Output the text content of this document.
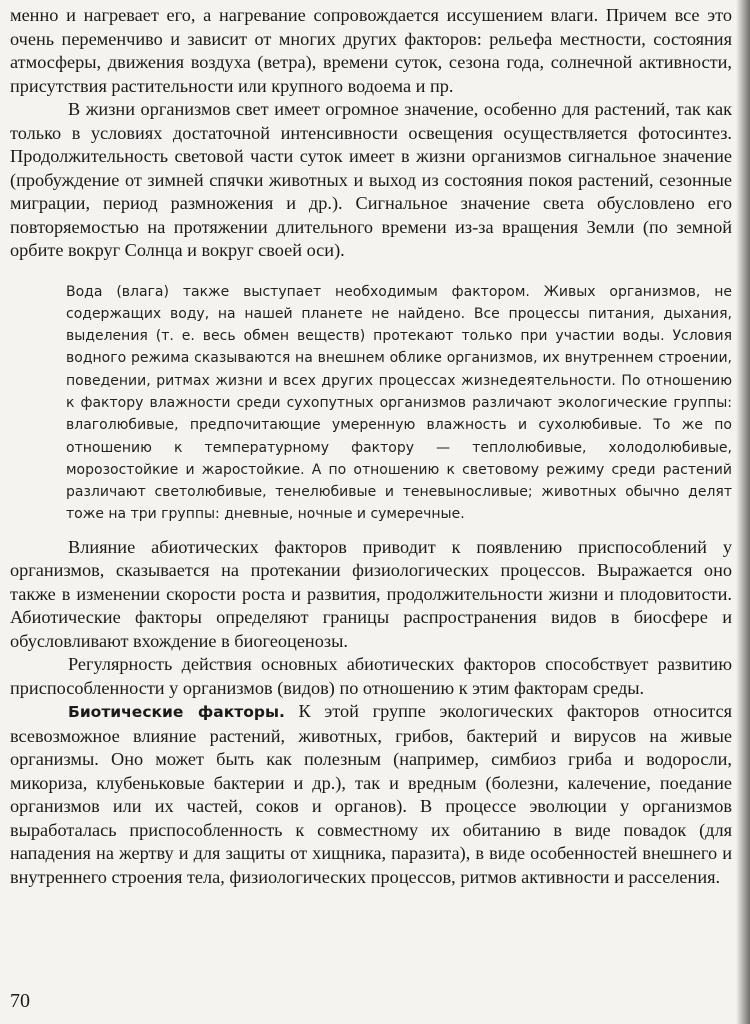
менно и нагревает его, а нагревание сопровождается иссушением влаги. Причем все это очень переменчиво и зависит от многих других факторов: рельефа местности, состояния атмосферы, движения воздуха (ветра), времени суток, сезона года, солнечной активности, присутствия растительности или крупного водоема и пр.

В жизни организмов свет имеет огромное значение, особенно для растений, так как только в условиях достаточной интенсивности освещения осуществляется фотосинтез. Продолжительность световой части суток имеет в жизни организмов сигнальное значение (пробуждение от зимней спячки животных и выход из состояния покоя растений, сезонные миграции, период размножения и др.). Сигнальное значение света обусловлено его повторяемостью на протяжении длительного времени из-за вращения Земли (по земной орбите вокруг Солнца и вокруг своей оси).

Вода (влага) также выступает необходимым фактором. Живых организмов, не содержащих воду, на нашей планете не найдено. Все процессы питания, дыхания, выделения (т. е. весь обмен веществ) протекают только при участии воды. Условия водного режима сказываются на внешнем облике организмов, их внутреннем строении, поведении, ритмах жизни и всех других процессах жизнедеятельности. По отношению к фактору влажности среди сухопутных организмов различают экологические группы: влаголюбивые, предпочитающие умеренную влажность и сухолюбивые. То же по отношению к температурному фактору — теплолюбивые, холодолюбивые, морозостойкие и жаростойкие. А по отношению к световому режиму среди растений различают светолюбивые, тенелюбивые и теневыносливые; животных обычно делят тоже на три группы: дневные, ночные и сумеречные.

Влияние абиотических факторов приводит к появлению приспособлений у организмов, сказывается на протекании физиологических процессов. Выражается оно также в изменении скорости роста и развития, продолжительности жизни и плодовитости. Абиотические факторы определяют границы распространения видов в биосфере и обусловливают вхождение в биогеоценозы.

Регулярность действия основных абиотических факторов способствует развитию приспособленности у организмов (видов) по отношению к этим факторам среды.

Биотические факторы. К этой группе экологических факторов относится всевозможное влияние растений, животных, грибов, бактерий и вирусов на живые организмы. Оно может быть как полезным (например, симбиоз гриба и водоросли, микориза, клубеньковые бактерии и др.), так и вредным (болезни, калечение, поедание организмов или их частей, соков и органов). В процессе эволюции у организмов выработалась приспособленность к совместному их обитанию в виде повадок (для нападения на жертву и для защиты от хищника, паразита), в виде особенностей внешнего и внутреннего строения тела, физиологических процессов, ритмов активности и расселения.

70
